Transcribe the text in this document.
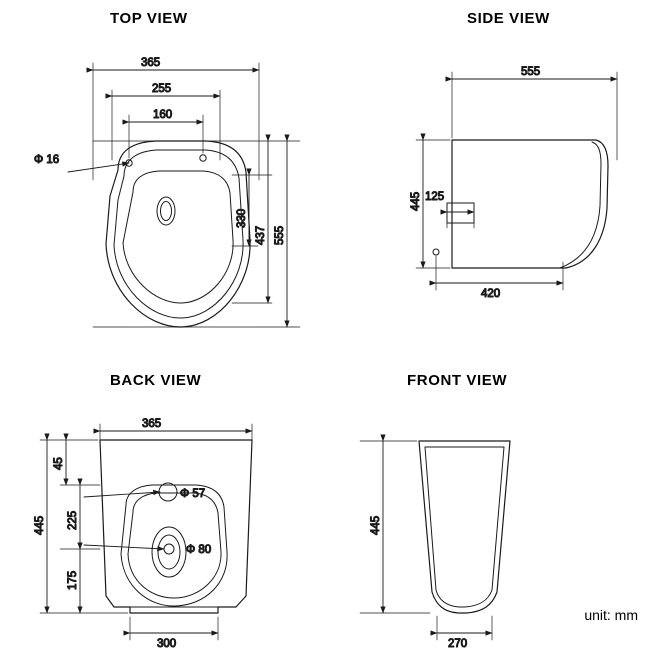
TOP VIEW	SIDE VIEW
BACK VIEW	FRONT VIEW
unit: mm
365
255
160
Φ 16
555
437
330
555
445
420
125
365
445
45
225
175
300
Φ 57
Φ 80
445
270
